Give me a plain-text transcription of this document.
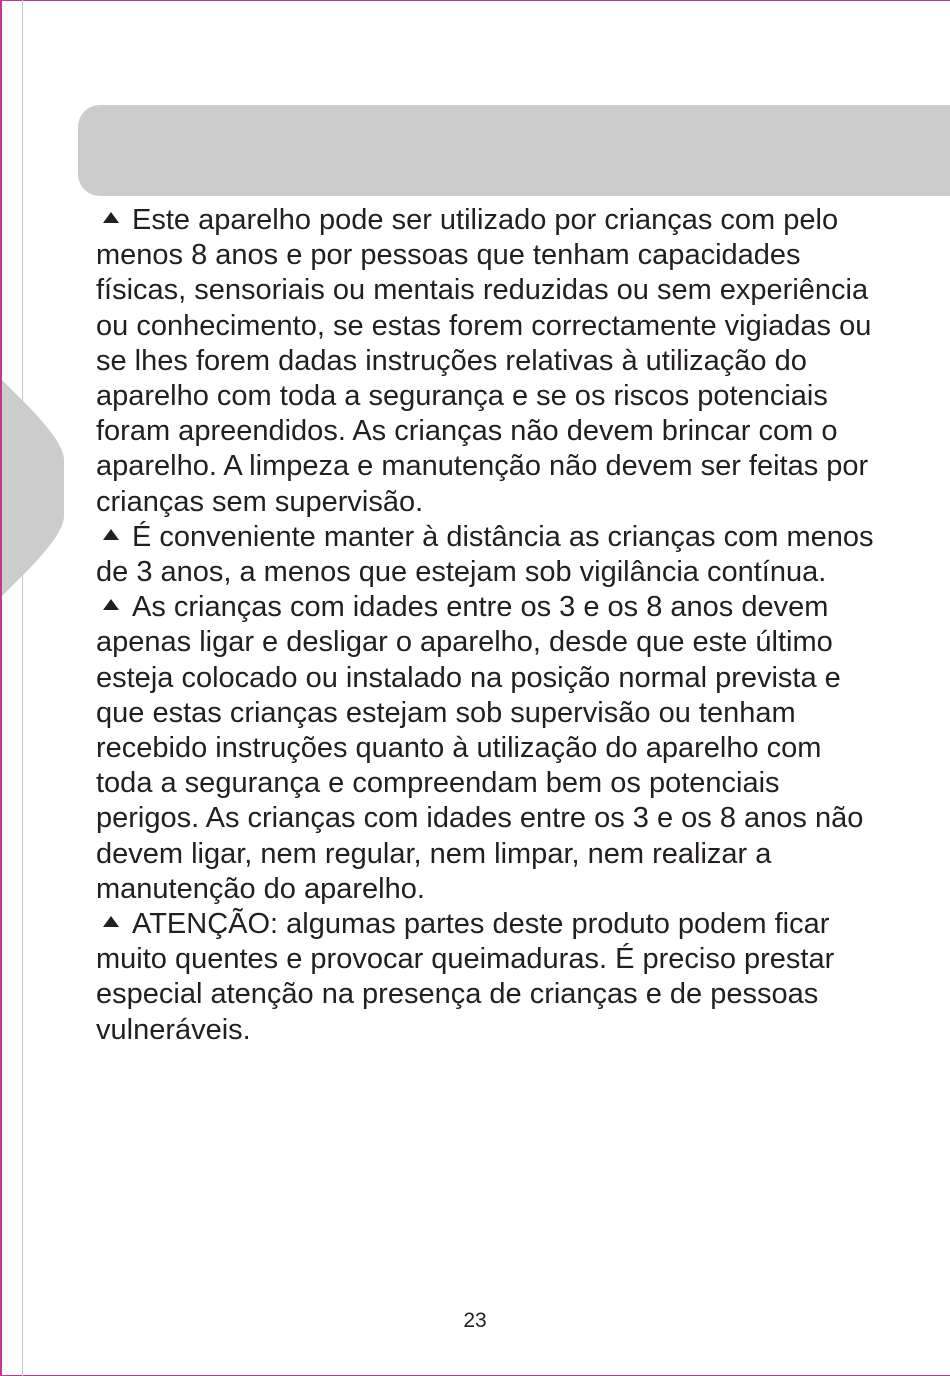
Este aparelho pode ser utilizado por crianças com pelo menos 8 anos e por pessoas que tenham capacidades físicas, sensoriais ou mentais reduzidas ou sem experiência ou conhecimento, se estas forem correctamente vigiadas ou se lhes forem dadas instruções relativas à utilização do aparelho com toda a segurança e se os riscos potenciais foram apreendidos. As crianças não devem brincar com o aparelho. A limpeza e manutenção não devem ser feitas por crianças sem supervisão.

É conveniente manter à distância as crianças com menos de 3 anos, a menos que estejam sob vigilância contínua.

As crianças com idades entre os 3 e os 8 anos devem apenas ligar e desligar o aparelho, desde que este último esteja colocado ou instalado na posição normal prevista e que estas crianças estejam sob supervisão ou tenham recebido instruções quanto à utilização do aparelho com toda a segurança e compreendam bem os potenciais perigos. As crianças com idades entre os 3 e os 8 anos não devem ligar, nem regular, nem limpar, nem realizar a manutenção do aparelho.

ATENÇÃO: algumas partes deste produto podem ficar muito quentes e provocar queimaduras. É preciso prestar especial atenção na presença de crianças e de pessoas vulneráveis.

23
